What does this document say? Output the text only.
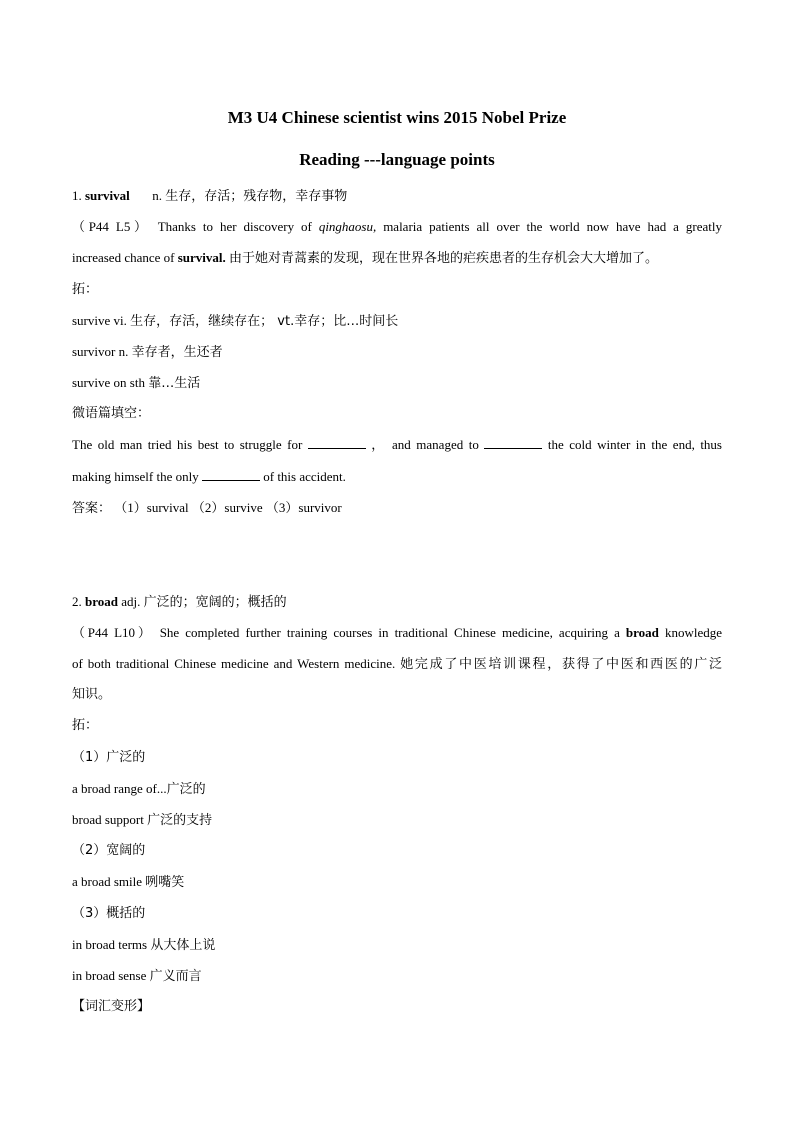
M3 U4 Chinese scientist wins 2015 Nobel Prize
Reading ---language points

1. survival n. 生存，存活；残存物，幸存事物

（P44 L5） Thanks to her discovery of qinghaosu, malaria patients all over the world now have had a greatly

increased chance of survival. 由于她对青蒿素的发现，现在世界各地的疟疾患者的生存机会大大增加了。

拓：

survive vi. 生存，存活，继续存在； vt.幸存；比…时间长

survivor n. 幸存者，生还者

survive on sth 靠…生活

微语篇填空：

The old man tried his best to struggle for	， and managed to	the cold winter in the end, thus

making himself the only	of this accident.

答案： （1）survival （2）survive （3）survivor

2. broad adj. 广泛的；宽阔的；概括的

（P44 L10） She completed further training courses in traditional Chinese medicine, acquiring a broad knowledge

of both traditional Chinese medicine and Western medicine. 她完成了中医培训课程，获得了中医和西医的广泛

知识。

拓：

（1）广泛的

a broad range of...广泛的

broad support 广泛的支持

（2）宽阔的

a broad smile 咧嘴笑

（3）概括的

in broad terms 从大体上说

in broad sense 广义而言

【词汇变形】
